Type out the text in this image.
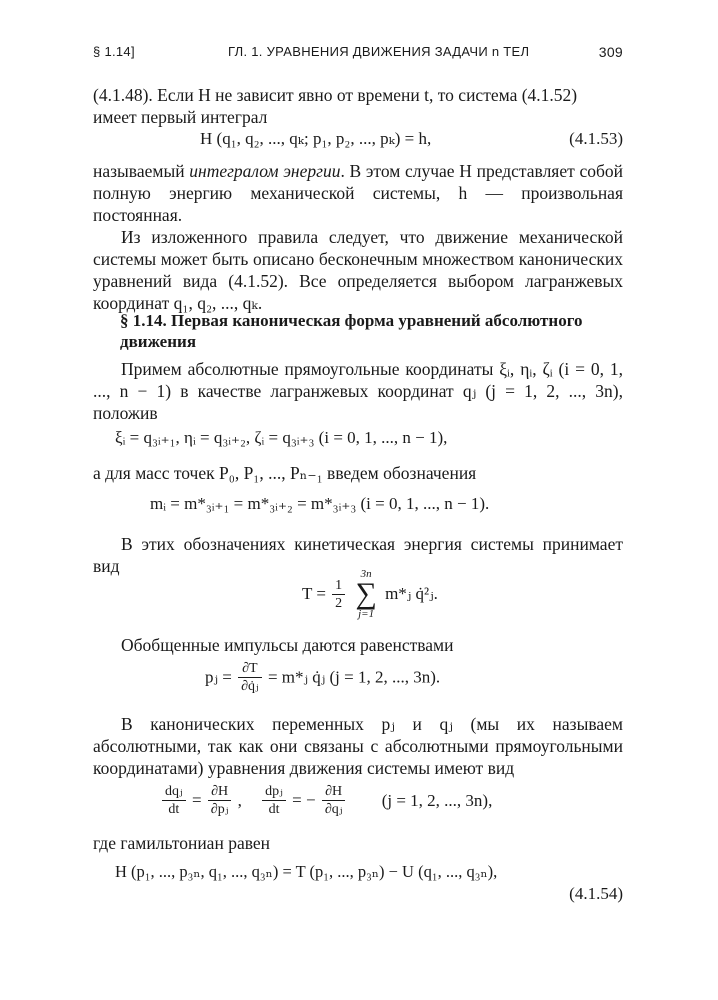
§ 1.14]	ГЛ. 1. УРАВНЕНИЯ ДВИЖЕНИЯ ЗАДАЧИ n ТЕЛ	309
(4.1.48). Если H не зависит явно от времени t, то система (4.1.52)
имеет первый интеграл
H (q₁, q₂, ..., qₖ; p₁, p₂, ..., pₖ) = h,	(4.1.53)

называемый интегралом энергии. В этом случае H представляет собой полную энергию механической системы, h — произвольная постоянная.

Из изложенного правила следует, что движение механической системы может быть описано бесконечным множеством канонических уравнений вида (4.1.52). Все определяется выбором лагранжевых координат q₁, q₂, ..., qₖ.

§ 1.14. Первая каноническая форма уравнений абсолютного движения

Примем абсолютные прямоугольные координаты ξᵢ, ηᵢ, ζᵢ (i = 0, 1, ..., n − 1) в качестве лагранжевых координат qⱼ (j = 1, 2, ..., 3n), положив

ξᵢ = q₃ᵢ₊₁, ηᵢ = q₃ᵢ₊₂, ζᵢ = q₃ᵢ₊₃ (i = 0, 1, ..., n − 1),

а для масс точек P₀, P₁, ..., Pₙ₋₁ введем обозначения

mᵢ = m*₃ᵢ₊₁ = m*₃ᵢ₊₂ = m*₃ᵢ₊₃ (i = 0, 1, ..., n − 1).

В этих обозначениях кинетическая энергия системы принимает вид

$T = \frac{1}{2}$

3n
∑
j=1
m*ⱼ q̇²ⱼ.

Обобщенные импульсы даются равенствами

pⱼ = $\frac{\partial T}{\text{∂q̇ⱼ}}$ = m*ⱼ q̇ⱼ (j = 1, 2, ..., 3n).

В канонических переменных pⱼ и qⱼ (мы их называем абсолютными, так как они связаны с абсолютными прямоугольными координатами) уравнения движения системы имеют вид

$\frac{\text{dqⱼ}}{dt} = \frac{\partial H}{\text{∂pⱼ}}$ , $\frac{\text{dpⱼ}}{dt}$ = − $\frac{\partial H}{\text{∂qⱼ}} (j = 1$, 2, ..., 3n),

где гамильтониан равен

H (p₁, ..., p₃ₙ, q₁, ..., q₃ₙ) = T (p₁, ..., p₃ₙ) − U (q₁, ..., q₃ₙ),
(4.1.54)
